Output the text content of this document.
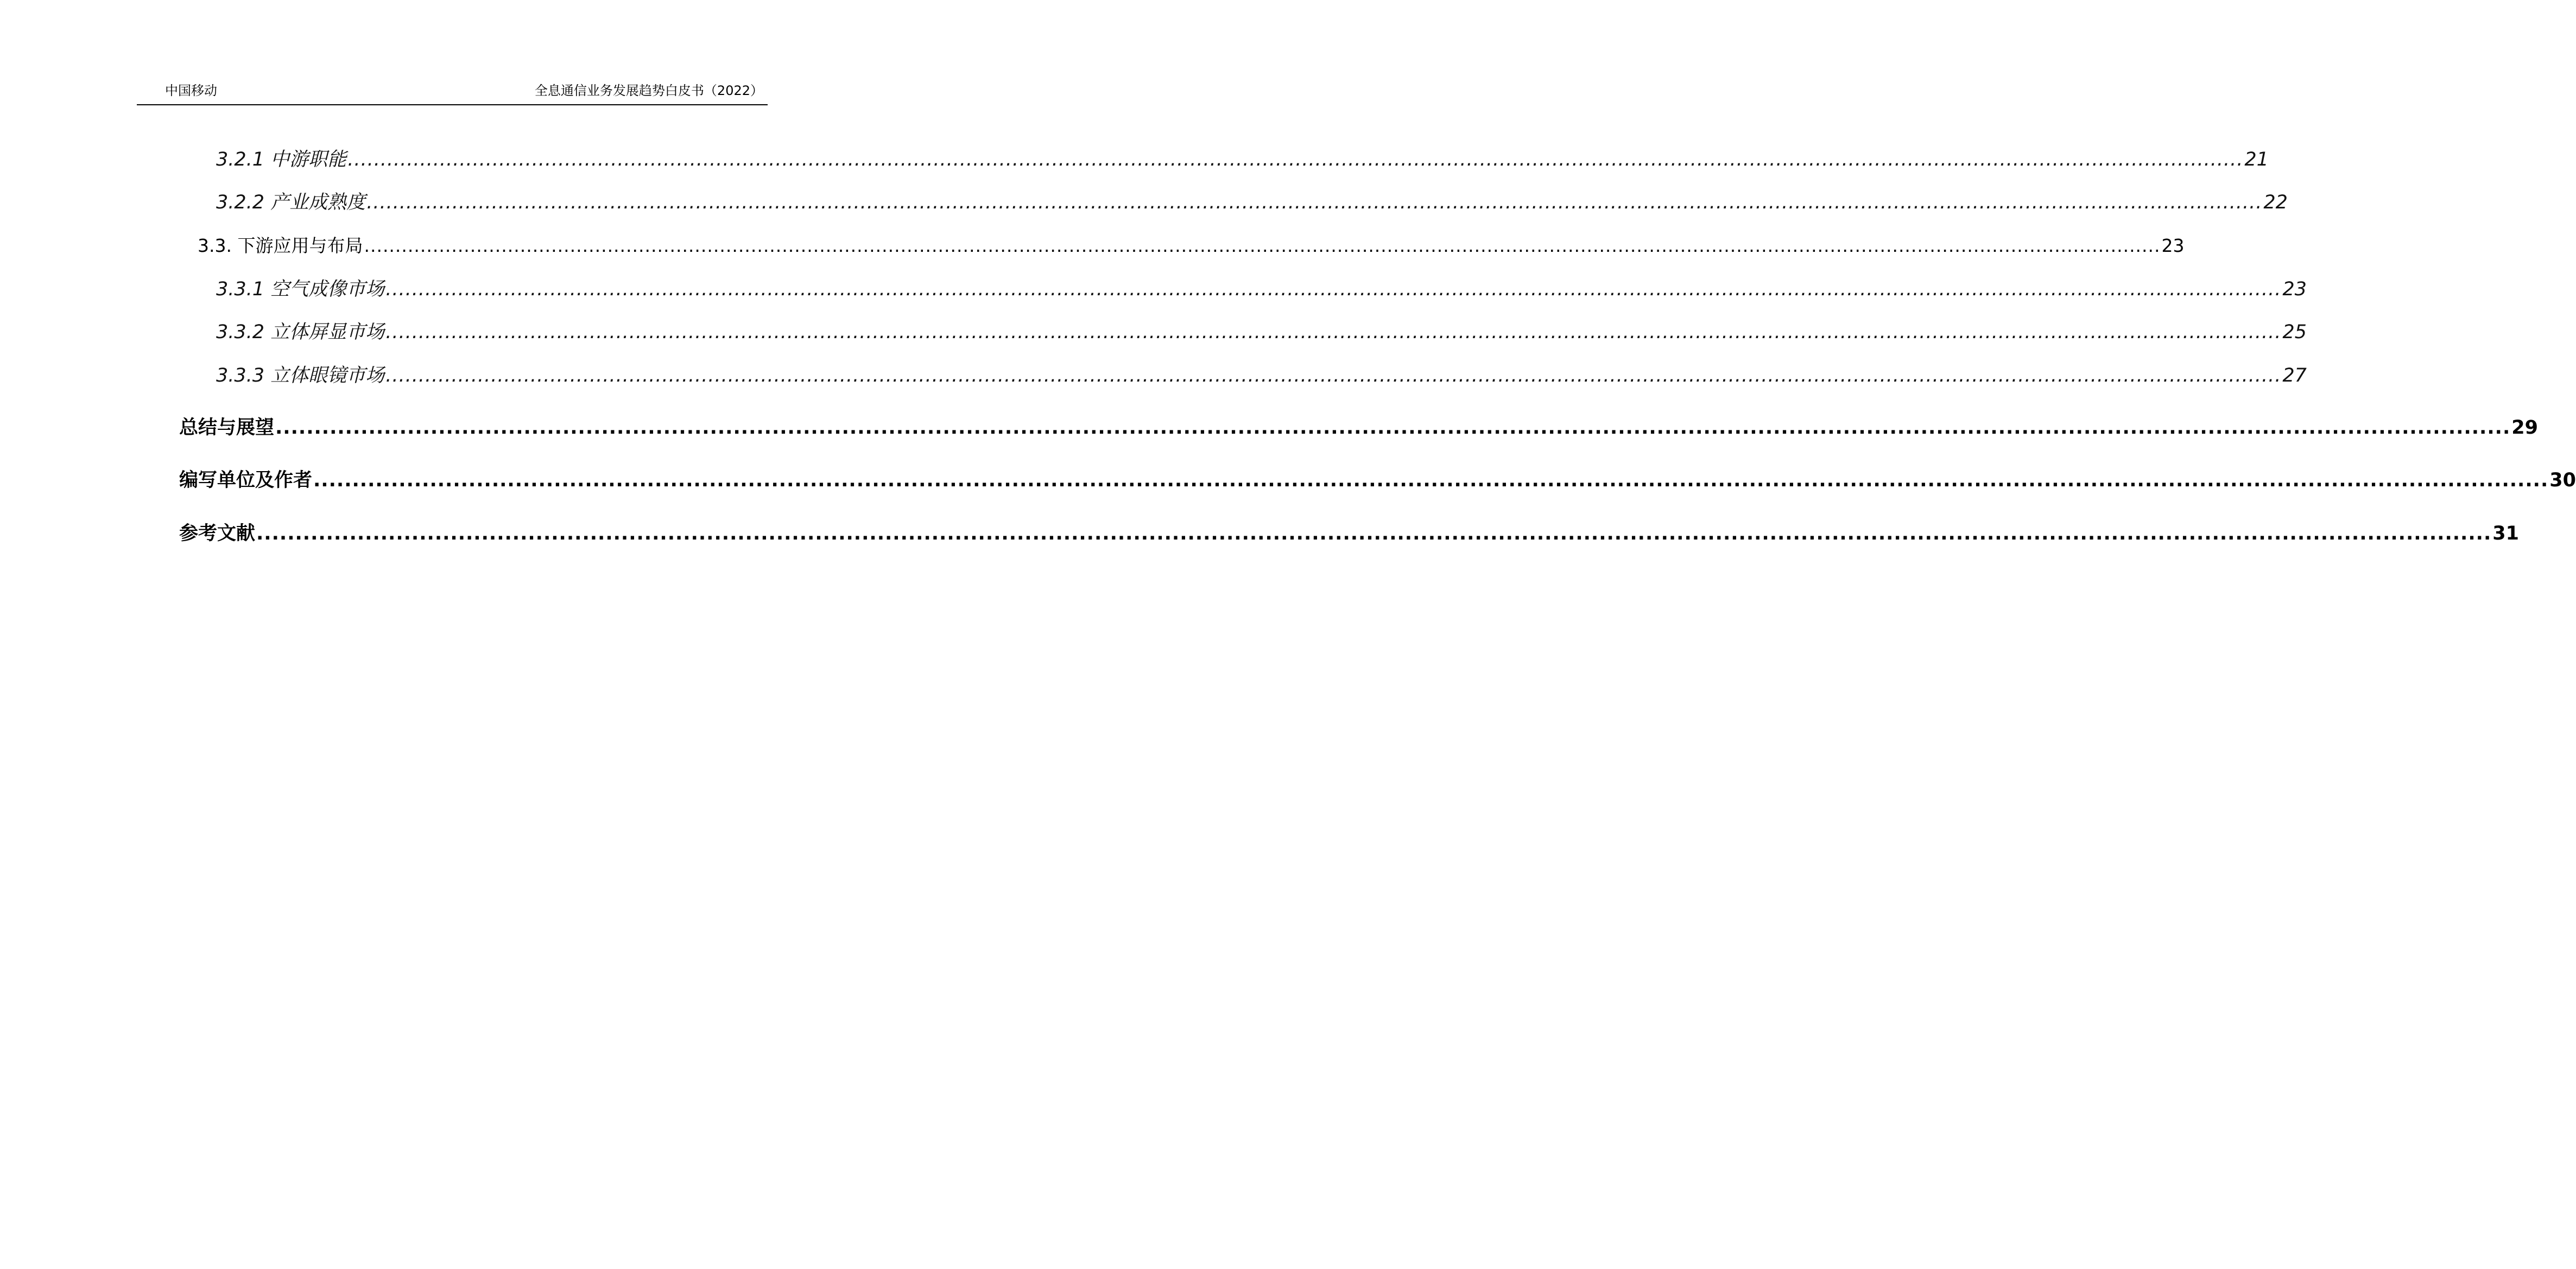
中国移动	全息通信业务发展趋势白皮书（2022）
3.2.1 中游职能 ................................................................................................................................................................................................................................................................................................ 21
3.2.2 产业成熟度 ................................................................................................................................................................................................................................................................................................ 22
3.3. 下游应用与布局 ................................................................................................................................................................................................................................................................................................ 23
3.3.1 空气成像市场 ................................................................................................................................................................................................................................................................................................ 23
3.3.2 立体屏显市场 ................................................................................................................................................................................................................................................................................................ 25
3.3.3 立体眼镜市场 ................................................................................................................................................................................................................................................................................................ 27
总结与展望 ................................................................................................................................................................................................................................................................................................ 29
编写单位及作者 ................................................................................................................................................................................................................................................................................................ 30
参考文献 ................................................................................................................................................................................................................................................................................................ 31
